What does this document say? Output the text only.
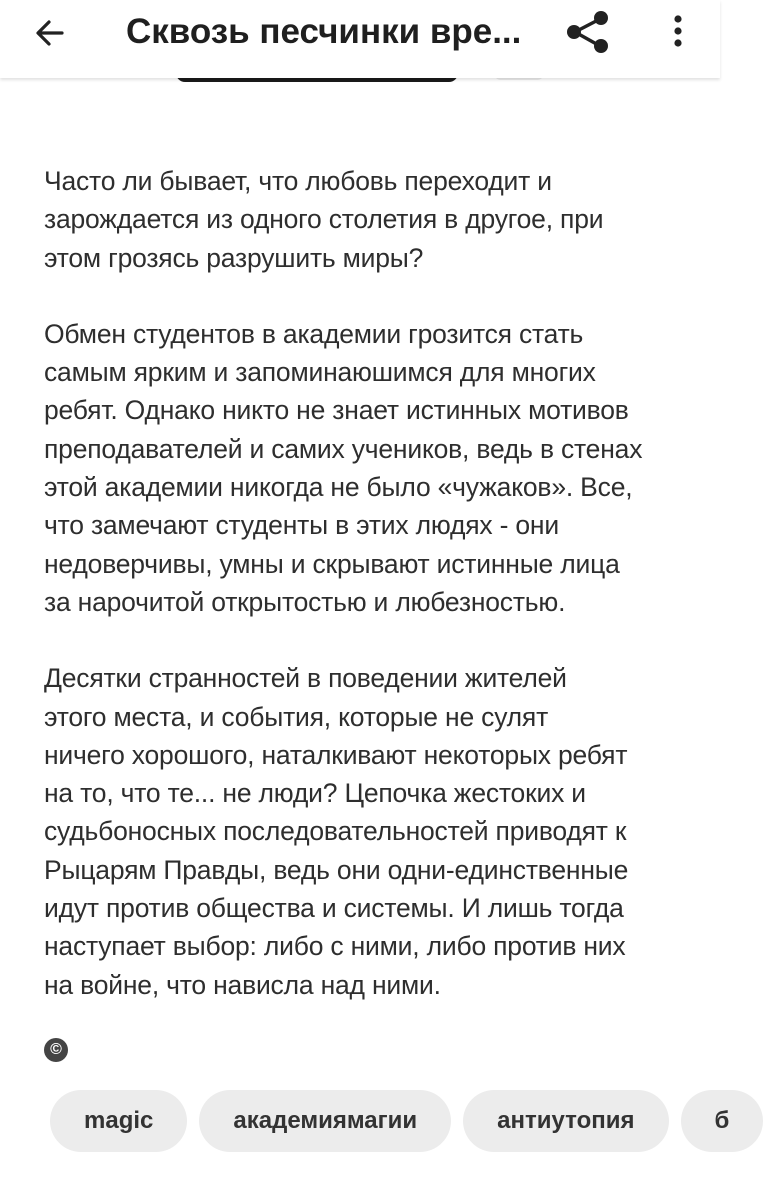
Сквозь песчинки вре...
Часто ли бывает, что любовь переходит и
зарождается из одного столетия в другое, при
этом грозясь разрушить миры?
Обмен студентов в академии грозится стать
самым ярким и запоминаюшимся для многих
ребят. Однако никто не знает истинных мотивов
преподавателей и самих учеников, ведь в стенах
этой академии никогда не было «чужаков». Все,
что замечают студенты в этих людях - они
недоверчивы, умны и скрывают истинные лица
за нарочитой открытостью и любезностью.
Десятки странностей в поведении жителей
этого места, и события, которые не сулят
ничего хорошого, наталкивают некоторых ребят
на то, что те... не люди? Цепочка жестоких и
судьбоносных последовательностей приводят к
Рыцарям Правды, ведь они одни-единственные
идут против общества и системы. И лишь тогда
наступает выбор: либо с ними, либо против них
на войне, что нависла над ними.
©
magic	академиямагии	антиутопия	б
